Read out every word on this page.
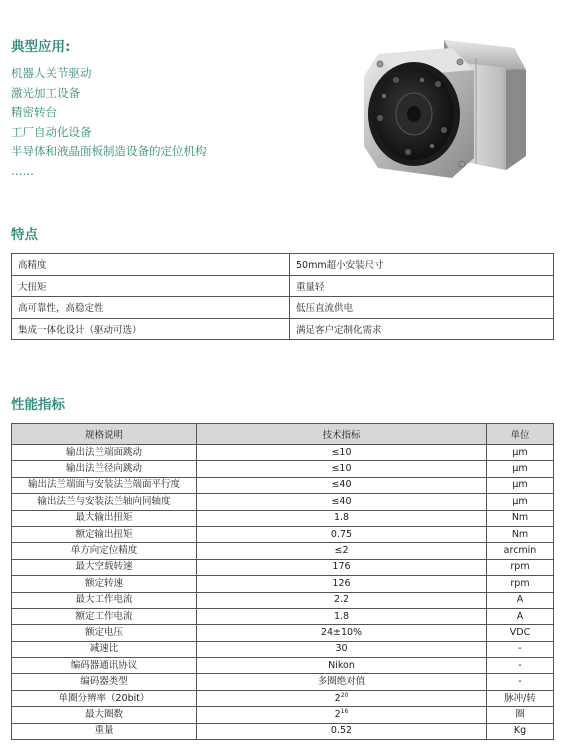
典型应用:
机器人关节驱动
激光加工设备
精密转台
工厂自动化设备
半导体和液晶面板制造设备的定位机构
……
特点
高精度	50mm超小安装尺寸
大扭矩	重量轻
高可靠性，高稳定性	低压直流供电
集成一体化设计（驱动可选）	满足客户定制化需求
性能指标
规格说明	技术指标	单位
输出法兰端面跳动	≤10	μm
输出法兰径向跳动	≤10	μm
输出法兰端面与安装法兰端面平行度	≤40	μm
输出法兰与安装法兰轴向同轴度	≤40	μm
最大输出扭矩	1.8	Nm
额定输出扭矩	0.75	Nm
单方向定位精度	≤2	arcmin
最大空载转速	176	rpm
额定转速	126	rpm
最大工作电流	2.2	A
额定工作电流	1.8	A
额定电压	24±10%	VDC
减速比	30	-
编码器通讯协议	Nikon	-
编码器类型	多圈绝对值	-
单圈分辨率（20bit）	$2^{20}$	脉冲/转
最大圈数	$2^{16}$	圈
重量	0.52	Kg
